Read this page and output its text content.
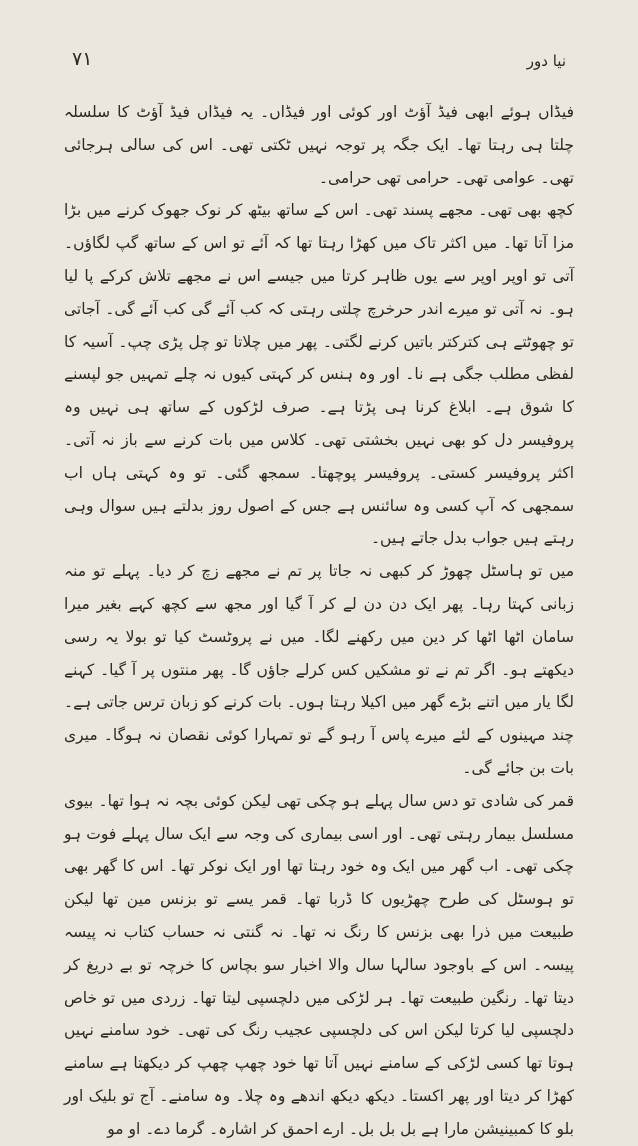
نیا دور
۷۱

فیڈاں ہوئے ابھی فیڈ آؤٹ اور کوئی اور فیڈاں۔ یہ فیڈاں فیڈ آؤٹ کا سلسلہ چلتا ہی رہتا تھا۔ ایک جگہ پر توجہ نہیں ٹکتی تھی۔ اس کی سالی ہرجائی تھی۔ عوامی تھی۔ حرامی تھی حرامی۔

کچھ بھی تھی۔ مجھے پسند تھی۔ اس کے ساتھ بیٹھ کر نوک جھوک کرنے میں بڑا مزا آتا تھا۔ میں اکثر تاک میں کھڑا رہتا تھا کہ آئے تو اس کے ساتھ گپ لگاؤں۔ آتی تو اوپر اوپر سے یوں ظاہر کرتا میں جیسے اس نے مجھے تلاش کرکے پا لیا ہو۔ نہ آتی تو میرے اندر حرخرچ چلتی رہتی کہ کب آئے گی کب آئے گی۔ آجاتی تو چھوٹتے ہی کترکتر باتیں کرنے لگتی۔ پھر میں چلاتا تو چل پڑی چپ۔ آسیہ کا لفظی مطلب جگی ہے نا۔ اور وہ ہنس کر کہتی کیوں نہ چلے تمہیں جو لپسنے کا شوق ہے۔ ابلاغ کرنا ہی پڑتا ہے۔ صرف لڑکوں کے ساتھ ہی نہیں وہ پروفیسر دل کو بھی نہیں بخشتی تھی۔ کلاس میں بات کرنے سے باز نہ آتی۔ اکثر پروفیسر کستی۔ پروفیسر پوچھتا۔ سمجھ گئی۔ تو وہ کہتی ہاں اب سمجھی کہ آپ کسی وہ سائنس ہے جس کے اصول روز بدلتے ہیں سوال وہی رہتے ہیں جواب بدل جاتے ہیں۔

میں تو ہاسٹل چھوڑ کر کبھی نہ جاتا پر تم نے مجھے زچ کر دیا۔ پہلے تو منہ زبانی کہتا رہا۔ پھر ایک دن دن لے کر آ گیا اور مجھ سے کچھ کہے بغیر میرا سامان اٹھا اٹھا کر دین میں رکھنے لگا۔ میں نے پروٹسٹ کیا تو بولا یہ رسی دیکھتے ہو۔ اگر تم نے تو مشکیں کس کرلے جاؤں گا۔ پھر منتوں پر آ گیا۔ کہنے لگا یار میں اتنے بڑے گھر میں اکیلا رہتا ہوں۔ بات کرنے کو زبان ترس جاتی ہے۔ چند مہینوں کے لئے میرے پاس آ رہو گے تو تمہارا کوئی نقصان نہ ہوگا۔ میری بات بن جائے گی۔

قمر کی شادی تو دس سال پہلے ہو چکی تھی لیکن کوئی بچہ نہ ہوا تھا۔ بیوی مسلسل بیمار رہتی تھی۔ اور اسی بیماری کی وجہ سے ایک سال پہلے فوت ہو چکی تھی۔ اب گھر میں ایک وہ خود رہتا تھا اور ایک نوکر تھا۔ اس کا گھر بھی تو ہوسٹل کی طرح چھڑیوں کا ڈربا تھا۔ قمر یسے تو بزنس مین تھا لیکن طبیعت میں ذرا بھی بزنس کا رنگ نہ تھا۔ نہ گنتی نہ حساب کتاب نہ پیسہ پیسہ۔ اس کے باوجود سالہا سال والا اخبار سو بچاس کا خرچہ تو بے دریغ کر دیتا تھا۔ رنگین طبیعت تھا۔ ہر لڑکی میں دلچسپی لیتا تھا۔ زردی میں تو خاص دلچسپی لیا کرتا لیکن اس کی دلچسپی عجیب رنگ کی تھی۔ خود سامنے نہیں ہوتا تھا کسی لڑکی کے سامنے نہیں آتا تھا خود چھپ چھپ کر دیکھتا ہے سامنے کھڑا کر دیتا اور پھر اکستا۔ دیکھ دیکھ اندھے وہ چلا۔ وہ سامنے۔ آج تو بلیک اور بلو کا کمبینیشن مارا ہے بل بل بل۔ ارے احمق کر اشارہ۔ گرما دے۔ او مو
